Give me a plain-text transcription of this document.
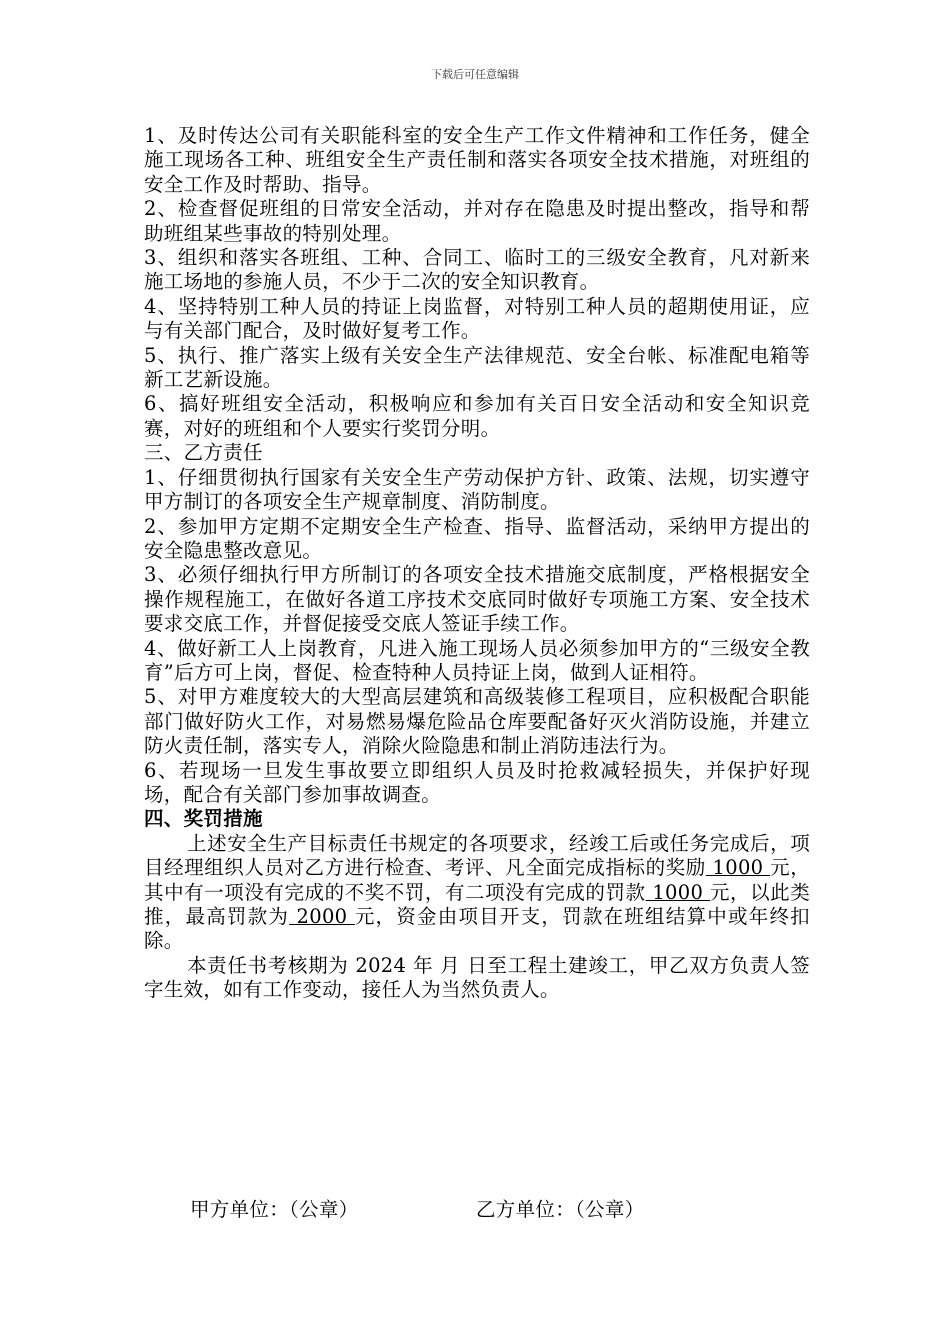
下载后可任意编辑

1、及时传达公司有关职能科室的安全生产工作文件精神和工作任务，健全施工现场各工种、班组安全生产责任制和落实各项安全技术措施，对班组的安全工作及时帮助、指导。

2、检查督促班组的日常安全活动，并对存在隐患及时提出整改，指导和帮助班组某些事故的特别处理。

3、组织和落实各班组、工种、合同工、临时工的三级安全教育，凡对新来施工场地的参施人员，不少于二次的安全知识教育。

4、坚持特别工种人员的持证上岗监督，对特别工种人员的超期使用证，应与有关部门配合，及时做好复考工作。

5、执行、推广落实上级有关安全生产法律规范、安全台帐、标准配电箱等新工艺新设施。

6、搞好班组安全活动，积极响应和参加有关百日安全活动和安全知识竞赛，对好的班组和个人要实行奖罚分明。

三、乙方责任

1、仔细贯彻执行国家有关安全生产劳动保护方针、政策、法规，切实遵守甲方制订的各项安全生产规章制度、消防制度。

2、参加甲方定期不定期安全生产检查、指导、监督活动，采纳甲方提出的安全隐患整改意见。

3、必须仔细执行甲方所制订的各项安全技术措施交底制度，严格根据安全操作规程施工，在做好各道工序技术交底同时做好专项施工方案、安全技术要求交底工作，并督促接受交底人签证手续工作。

4、做好新工人上岗教育，凡进入施工现场人员必须参加甲方的“三级安全教育”后方可上岗，督促、检查特种人员持证上岗，做到人证相符。

5、对甲方难度较大的大型高层建筑和高级装修工程项目，应积极配合职能部门做好防火工作，对易燃易爆危险品仓库要配备好灭火消防设施，并建立防火责任制，落实专人，消除火险隐患和制止消防违法行为。

6、若现场一旦发生事故要立即组织人员及时抢救减轻损失，并保护好现场，配合有关部门参加事故调查。

四、奖罚措施

上述安全生产目标责任书规定的各项要求，经竣工后或任务完成后，项目经理组织人员对乙方进行检查、考评、凡全面完成指标的奖励 1000 元，其中有一项没有完成的不奖不罚，有二项没有完成的罚款 1000 元，以此类推，最高罚款为 2000 元，资金由项目开支，罚款在班组结算中或年终扣除。

本责任书考核期为 2024 年 月 日至工程土建竣工，甲乙双方负责人签字生效，如有工作变动，接任人为当然负责人。

甲方单位：（公章）	乙方单位：（公章）
